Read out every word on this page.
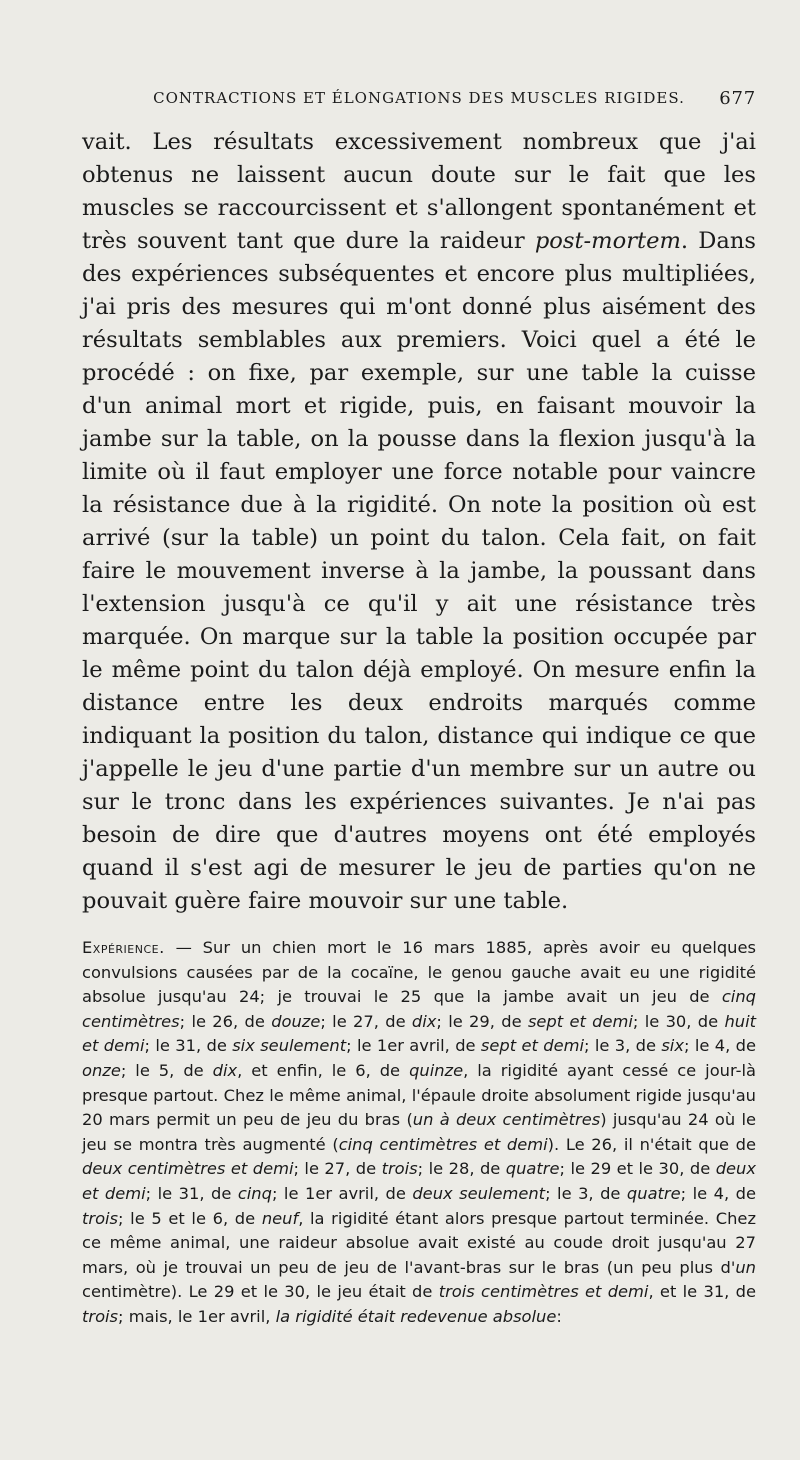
CONTRACTIONS ET ÉLONGATIONS DES MUSCLES RIGIDES. 677

vait. Les résultats excessivement nombreux que j'ai obtenus ne laissent aucun doute sur le fait que les muscles se raccourcissent et s'allongent spontanément et très souvent tant que dure la raideur post-mortem. Dans des expériences subséquentes et encore plus multipliées, j'ai pris des mesures qui m'ont donné plus aisément des résultats semblables aux premiers. Voici quel a été le procédé : on fixe, par exemple, sur une table la cuisse d'un animal mort et rigide, puis, en faisant mouvoir la jambe sur la table, on la pousse dans la flexion jusqu'à la limite où il faut employer une force notable pour vaincre la résistance due à la rigidité. On note la position où est arrivé (sur la table) un point du talon. Cela fait, on fait faire le mouvement inverse à la jambe, la poussant dans l'extension jusqu'à ce qu'il y ait une résistance très marquée. On marque sur la table la position occupée par le même point du talon déjà employé. On mesure enfin la distance entre les deux endroits marqués comme indiquant la position du talon, distance qui indique ce que j'appelle le jeu d'une partie d'un membre sur un autre ou sur le tronc dans les expériences suivantes. Je n'ai pas besoin de dire que d'autres moyens ont été employés quand il s'est agi de mesurer le jeu de parties qu'on ne pouvait guère faire mouvoir sur une table.

Expérience. — Sur un chien mort le 16 mars 1885, après avoir eu quelques convulsions causées par de la cocaïne, le genou gauche avait eu une rigidité absolue jusqu'au 24; je trouvai le 25 que la jambe avait un jeu de cinq centimètres; le 26, de douze; le 27, de dix; le 29, de sept et demi; le 30, de huit et demi; le 31, de six seulement; le 1er avril, de sept et demi; le 3, de six; le 4, de onze; le 5, de dix, et enfin, le 6, de quinze, la rigidité ayant cessé ce jour-là presque partout. Chez le même animal, l'épaule droite absolument rigide jusqu'au 20 mars permit un peu de jeu du bras (un à deux centimètres) jusqu'au 24 où le jeu se montra très augmenté (cinq centimètres et demi). Le 26, il n'était que de deux centimètres et demi; le 27, de trois; le 28, de quatre; le 29 et le 30, de deux et demi; le 31, de cinq; le 1er avril, de deux seulement; le 3, de quatre; le 4, de trois; le 5 et le 6, de neuf, la rigidité étant alors presque partout terminée. Chez ce même animal, une raideur absolue avait existé au coude droit jusqu'au 27 mars, où je trouvai un peu de jeu de l'avant-bras sur le bras (un peu plus d'un centimètre). Le 29 et le 30, le jeu était de trois centimètres et demi, et le 31, de trois; mais, le 1er avril, la rigidité était redevenue absolue:
